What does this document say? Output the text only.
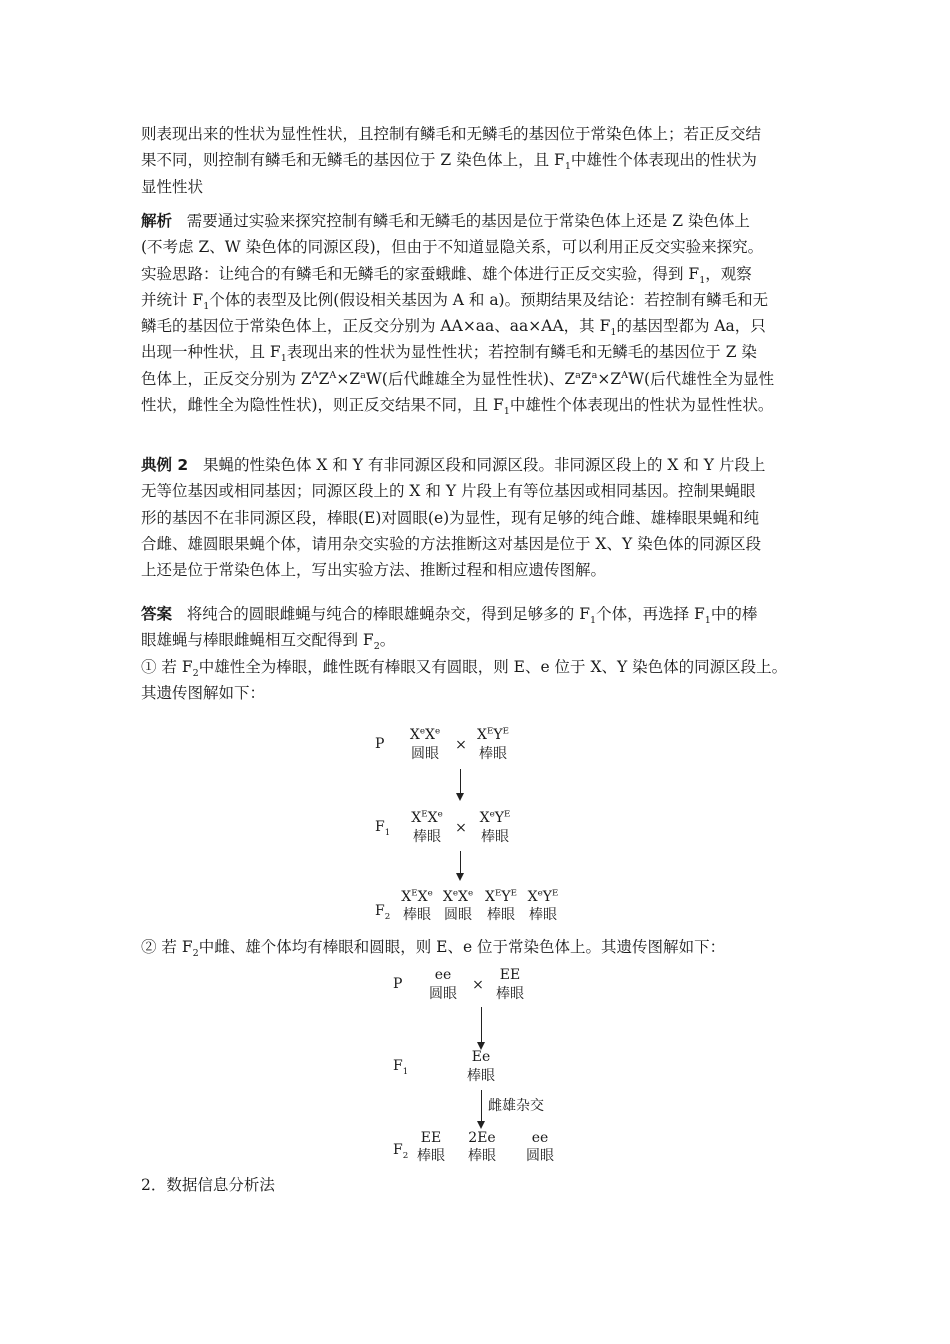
则表现出来的性状为显性性状，且控制有鳞毛和无鳞毛的基因位于常染色体上；若正反交结

果不同，则控制有鳞毛和无鳞毛的基因位于 Z 染色体上，且 $F_1$中雄性个体表现出的性状为

显性性状

解析 需要通过实验来探究控制有鳞毛和无鳞毛的基因是位于常染色体上还是 Z 染色体上

(不考虑 Z、W 染色体的同源区段)，但由于不知道显隐关系，可以利用正反交实验来探究。

实验思路：让纯合的有鳞毛和无鳞毛的家蚕蛾雌、雄个体进行正反交实验，得到 $F_1$，观察

并统计 $F_1$个体的表型及比例(假设相关基因为 A 和 a)。预期结果及结论：若控制有鳞毛和无

鳞毛的基因位于常染色体上，正反交分别为 AA×aa、aa×AA，其 $F_1$的基因型都为 Aa，只

出现一种性状，且 $F_1$表现出来的性状为显性性状；若控制有鳞毛和无鳞毛的基因位于 Z 染

色体上，正反交分别为 $Z^AZ^A\times Z^aW$(后代雌雄全为显性性状)、$Z^aZ^a\times Z^AW$(后代雄性全为显性

性状，雌性全为隐性性状)，则正反交结果不同，且 $F_1$中雄性个体表现出的性状为显性性状。

典例 2 果蝇的性染色体 X 和 Y 有非同源区段和同源区段。非同源区段上的 X 和 Y 片段上

无等位基因或相同基因；同源区段上的 X 和 Y 片段上有等位基因或相同基因。控制果蝇眼

形的基因不在非同源区段，棒眼(E)对圆眼(e)为显性，现有足够的纯合雌、雄棒眼果蝇和纯

合雌、雄圆眼果蝇个体，请用杂交实验的方法推断这对基因是位于 X、Y 染色体的同源区段

上还是位于常染色体上，写出实验方法、推断过程和相应遗传图解。

答案 将纯合的圆眼雌蝇与纯合的棒眼雄蝇杂交，得到足够多的 $F_1$个体，再选择 $F_1$中的棒

眼雄蝇与棒眼雌蝇相互交配得到 $F_2$。

① 若 $F_2$中雄性全为棒眼，雌性既有棒眼又有圆眼，则 E、e 位于 X、Y 染色体的同源区段上。

其遗传图解如下：

P
XeXe
圆眼
×
$X^EY^E$
棒眼
$F_1$
$X^EXe$
棒眼
×
$X^eY^E$
棒眼
$F_2$
$X^EXe$
棒眼
XeXe
圆眼
$X^EY^E$
棒眼
$XeY^E$
棒眼

② 若 $F_2$中雌、雄个体均有棒眼和圆眼，则 E、e 位于常染色体上。其遗传图解如下：

P
ee
圆眼
×
EE
棒眼
$F_1$
Ee
棒眼
雌雄杂交
$F_2$
EE
棒眼
2Ee
棒眼
ee
圆眼
2．数据信息分析法
